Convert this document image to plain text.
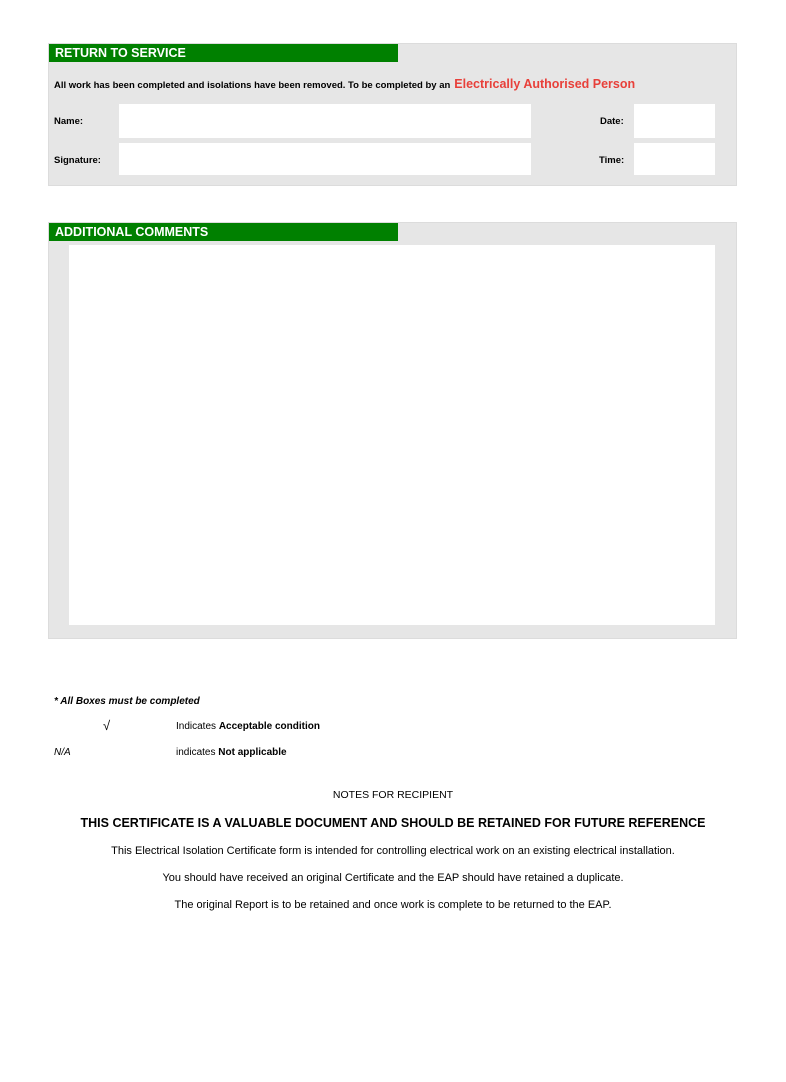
RETURN TO SERVICE
All work has been completed and isolations have been removed. To be completed by an Electrically Authorised Person
Name:	Date:
Signature:	Time:
ADDITIONAL COMMENTS
* All Boxes must be completed
√	Indicates Acceptable condition
N/A	indicates Not applicable
NOTES FOR RECIPIENT
THIS CERTIFICATE IS A VALUABLE DOCUMENT AND SHOULD BE RETAINED FOR FUTURE REFERENCE
This Electrical Isolation Certificate form is intended for controlling electrical work on an existing electrical installation.
You should have received an original Certificate and the EAP should have retained a duplicate.
The original Report is to be retained and once work is complete to be returned to the EAP.
